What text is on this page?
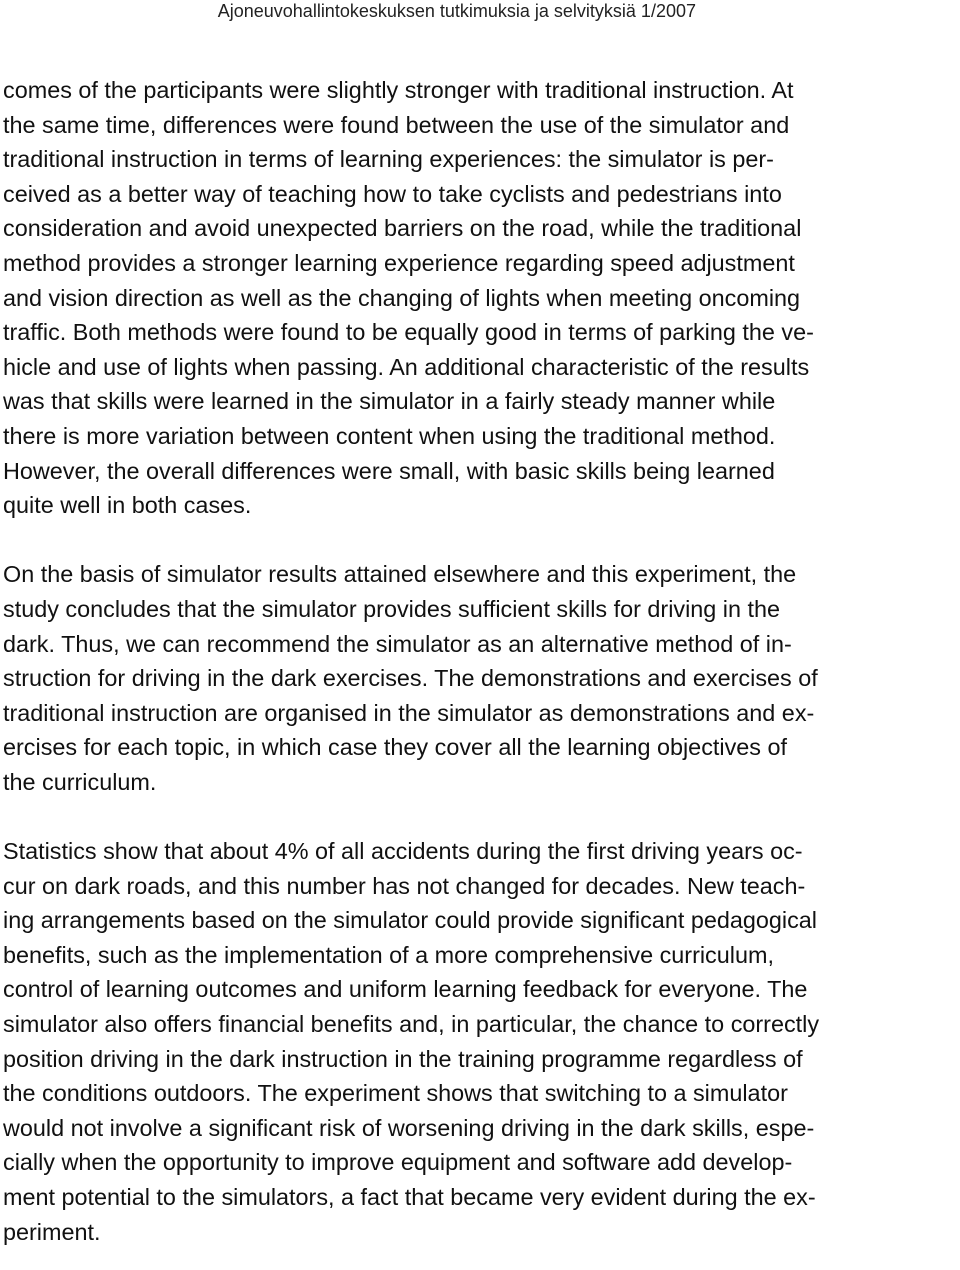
Ajoneuvohallintokeskuksen tutkimuksia ja selvityksiä 1/2007
comes of the participants were slightly stronger with traditional instruction. At
the same time, differences were found between the use of the simulator and
traditional instruction in terms of learning experiences: the simulator is per-
ceived as a better way of teaching how to take cyclists and pedestrians into
consideration and avoid unexpected barriers on the road, while the traditional
method provides a stronger learning experience regarding speed adjustment
and vision direction as well as the changing of lights when meeting oncoming
traffic. Both methods were found to be equally good in terms of parking the ve-
hicle and use of lights when passing. An additional characteristic of the results
was that skills were learned in the simulator in a fairly steady manner while
there is more variation between content when using the traditional method.
However, the overall differences were small, with basic skills being learned
quite well in both cases.
On the basis of simulator results attained elsewhere and this experiment, the
study concludes that the simulator provides sufficient skills for driving in the
dark. Thus, we can recommend the simulator as an alternative method of in-
struction for driving in the dark exercises. The demonstrations and exercises of
traditional instruction are organised in the simulator as demonstrations and ex-
ercises for each topic, in which case they cover all the learning objectives of
the curriculum.
Statistics show that about 4% of all accidents during the first driving years oc-
cur on dark roads, and this number has not changed for decades. New teach-
ing arrangements based on the simulator could provide significant pedagogical
benefits, such as the implementation of a more comprehensive curriculum,
control of learning outcomes and uniform learning feedback for everyone. The
simulator also offers financial benefits and, in particular, the chance to correctly
position driving in the dark instruction in the training programme regardless of
the conditions outdoors. The experiment shows that switching to a simulator
would not involve a significant risk of worsening driving in the dark skills, espe-
cially when the opportunity to improve equipment and software add develop-
ment potential to the simulators, a fact that became very evident during the ex-
periment.
